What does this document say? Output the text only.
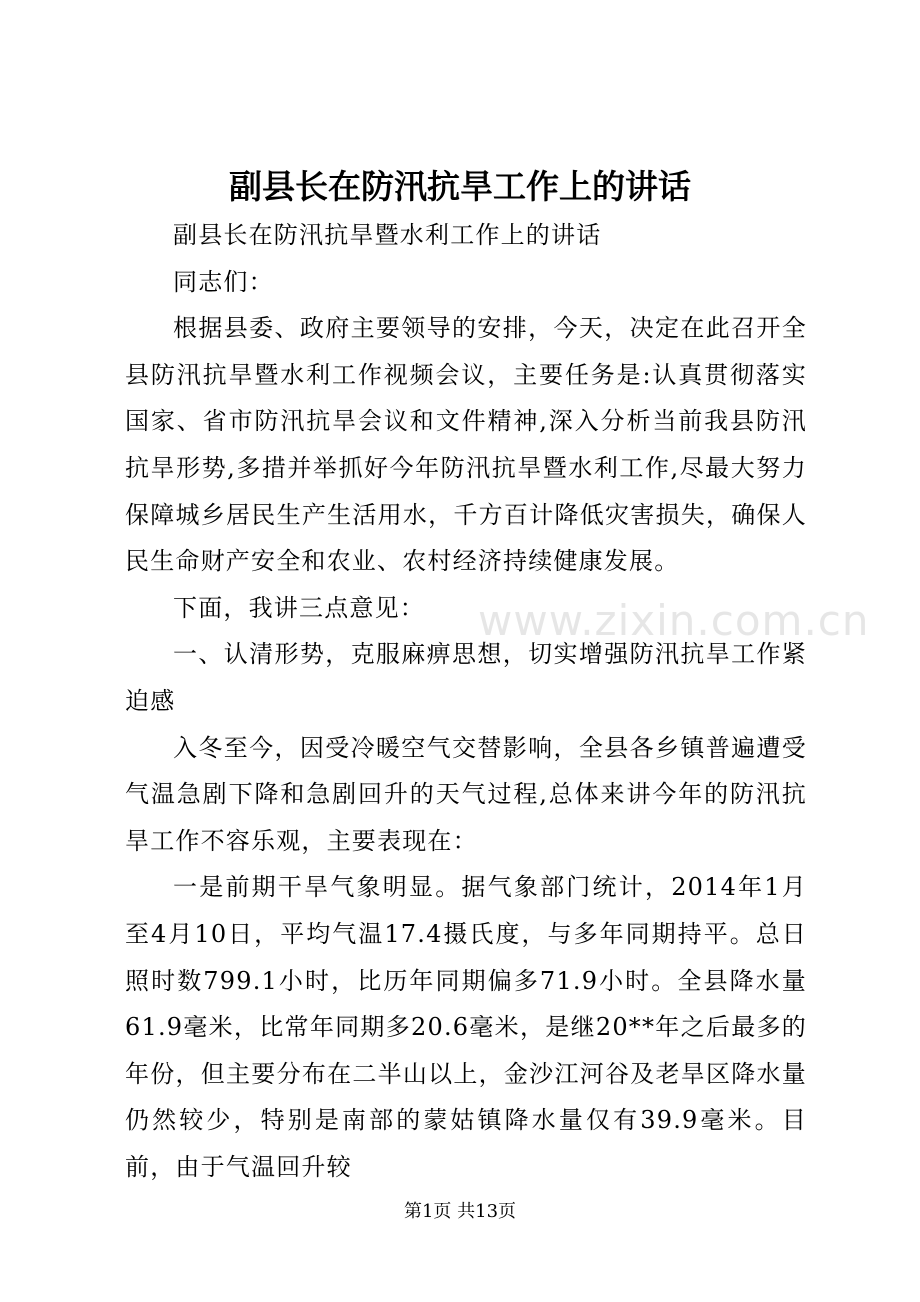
副县长在防汛抗旱工作上的讲话

副县长在防汛抗旱暨水利工作上的讲话

同志们：

根据县委、政府主要领导的安排，今天，决定在此召开全县防汛抗旱暨水利工作视频会议，主要任务是:认真贯彻落实国家、省市防汛抗旱会议和文件精神,深入分析当前我县防汛抗旱形势,多措并举抓好今年防汛抗旱暨水利工作,尽最大努力保障城乡居民生产生活用水，千方百计降低灾害损失，确保人民生命财产安全和农业、农村经济持续健康发展。

下面，我讲三点意见：

一、认清形势，克服麻痹思想，切实增强防汛抗旱工作紧迫感

入冬至今，因受冷暖空气交替影响，全县各乡镇普遍遭受气温急剧下降和急剧回升的天气过程,总体来讲今年的防汛抗旱工作不容乐观，主要表现在：

一是前期干旱气象明显。据气象部门统计，2014年1月至4月10日，平均气温17.4摄氏度，与多年同期持平。总日照时数799.1小时，比历年同期偏多71.9小时。全县降水量61.9毫米，比常年同期多20.6毫米，是继20**年之后最多的年份，但主要分布在二半山以上，金沙江河谷及老旱区降水量仍然较少，特别是南部的蒙姑镇降水量仅有39.9毫米。目前，由于气温回升较

www.zixin.com.cn
第1页 共13页
